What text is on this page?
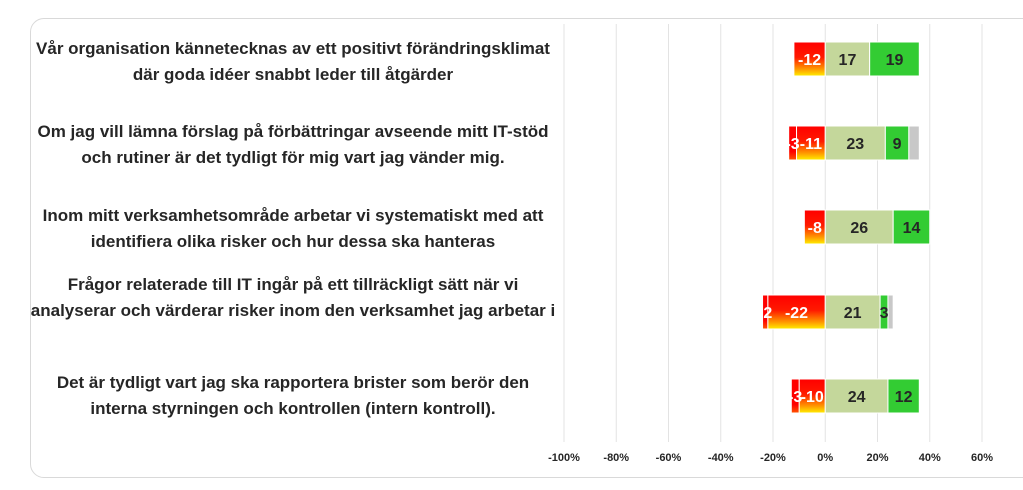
Vår organisation kännetecknas av ett positivt förändringsklimat där goda idéer snabbt leder till åtgärder
Om jag vill lämna förslag på förbättringar avseende mitt IT-stöd och rutiner är det tydligt för mig vart jag vänder mig.
Inom mitt verksamhetsområde arbetar vi systematiskt med att identifiera olika risker och hur dessa ska hanteras
Frågor relaterade till IT ingår på ett tillräckligt sätt när vi analyserar och värderar risker inom den verksamhet jag arbetar i
Det är tydligt vart jag ska rapportera brister som berör den interna styrningen och kontrollen (intern kontroll).
-12 17 19
-11
-3	23 9
-8 26 14
-22
-2	21 3
-10
-3	24 12
-100% -80% -60% -40% -20%	0%	20%	40%	60%
